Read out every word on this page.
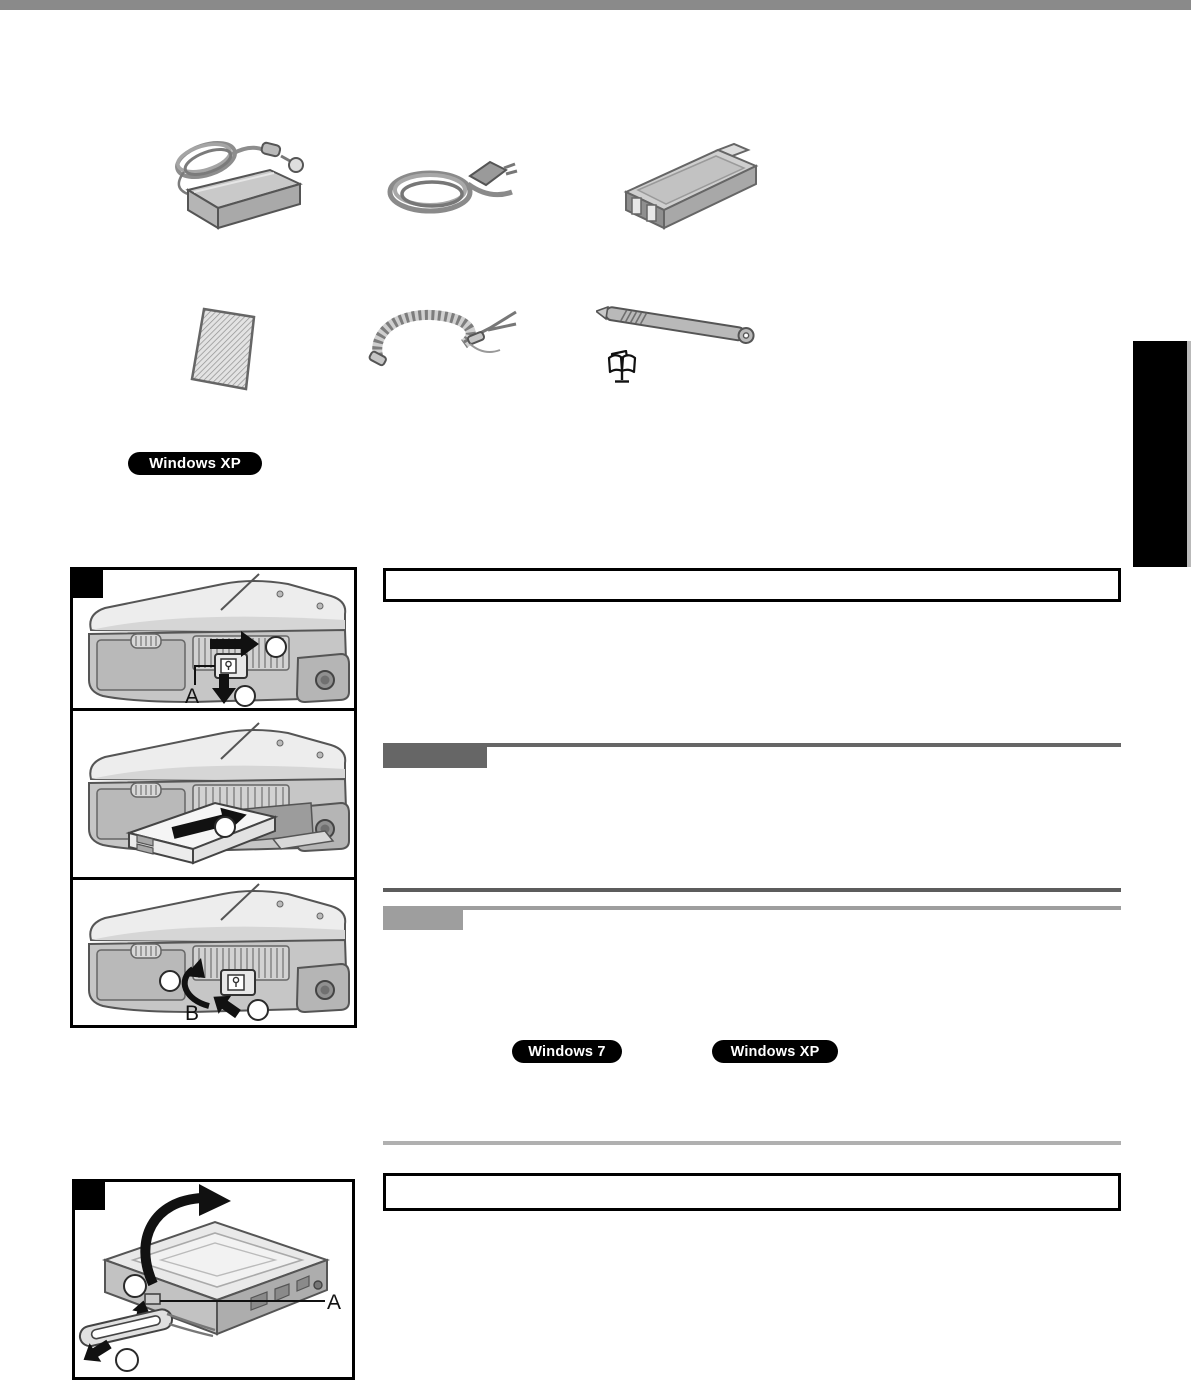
Windows XP
Windows 7	Windows XP
A
B
A
